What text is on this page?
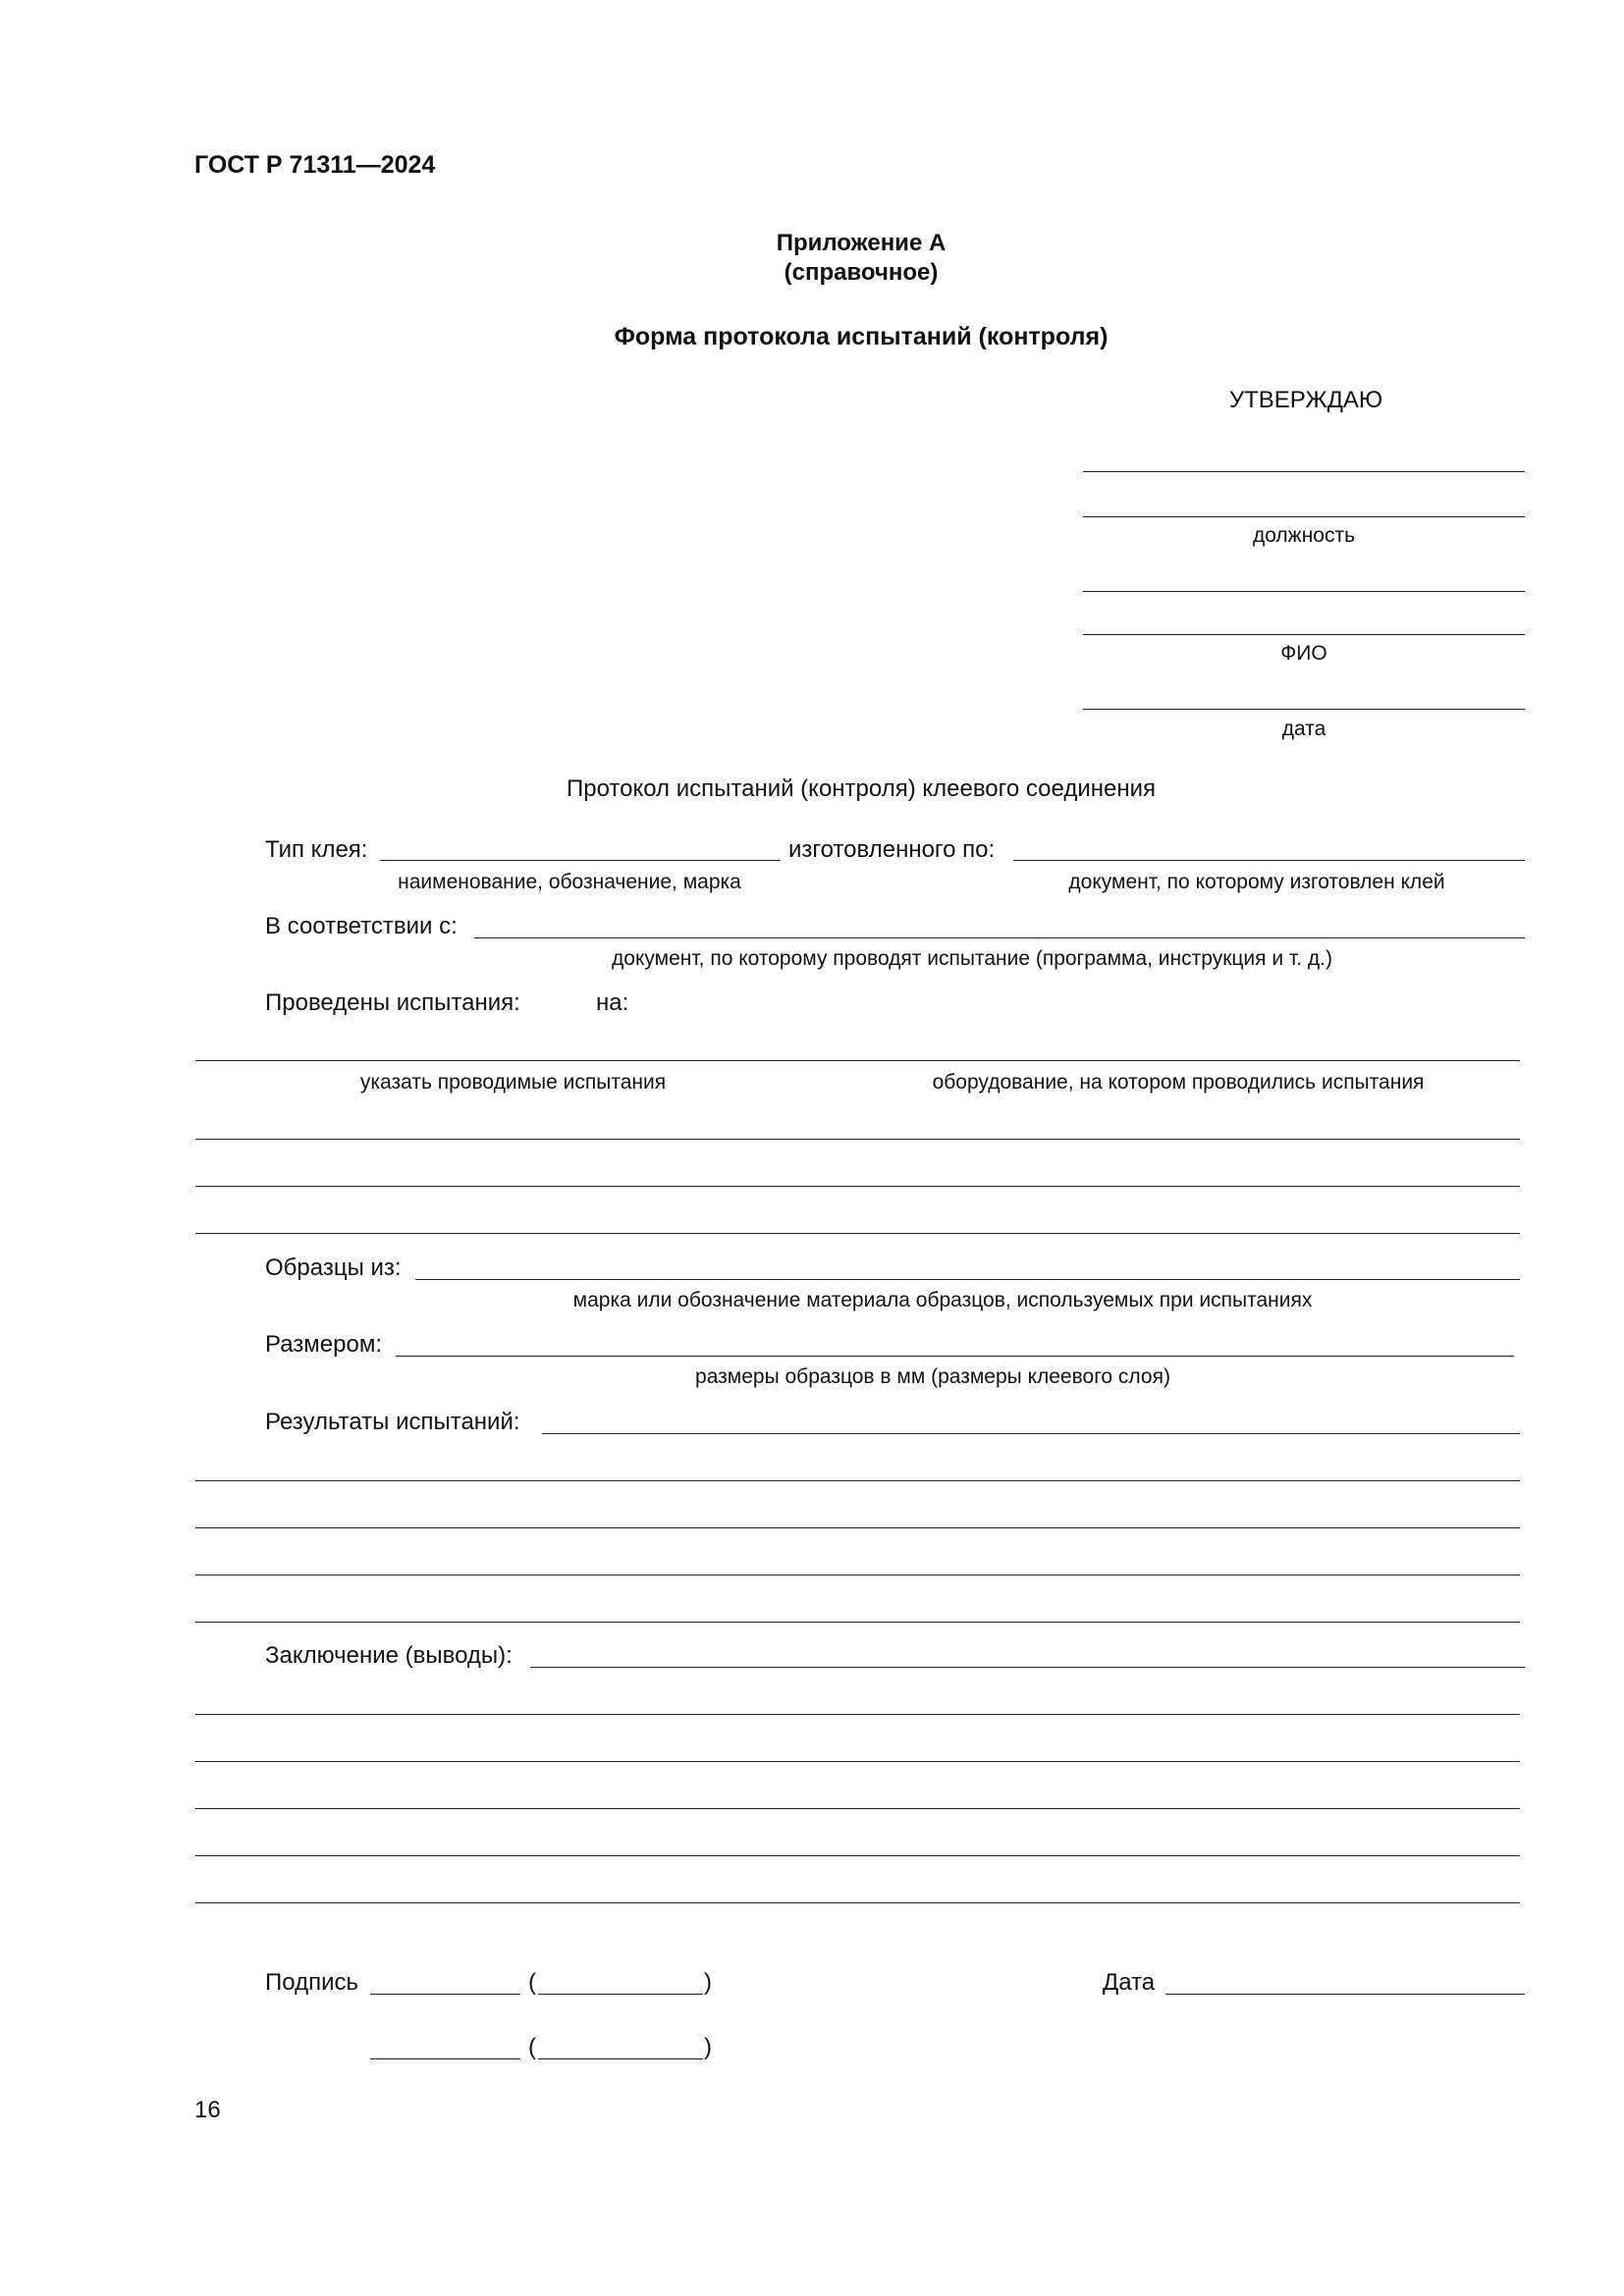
ГОСТ Р 71311—2024
Приложение А
(справочное)
Форма протокола испытаний (контроля)
УТВЕРЖДАЮ
должность
ФИО
дата
Протокол испытаний (контроля) клеевого соединения
Тип клея:
наименование, обозначение, марка
изготовленного по:
документ, по которому изготовлен клей
В соответствии с:
документ, по которому проводят испытание (программа, инструкция и т. д.)
Проведены испытания:	на:
указать проводимые испытания	оборудование, на котором проводились испытания
Образцы из:
марка или обозначение материала образцов, используемых при испытаниях
Размером:
размеры образцов в мм (размеры клеевого слоя)
Результаты испытаний:
Заключение (выводы):
Подпись	(	)	Дата
(	)
16
